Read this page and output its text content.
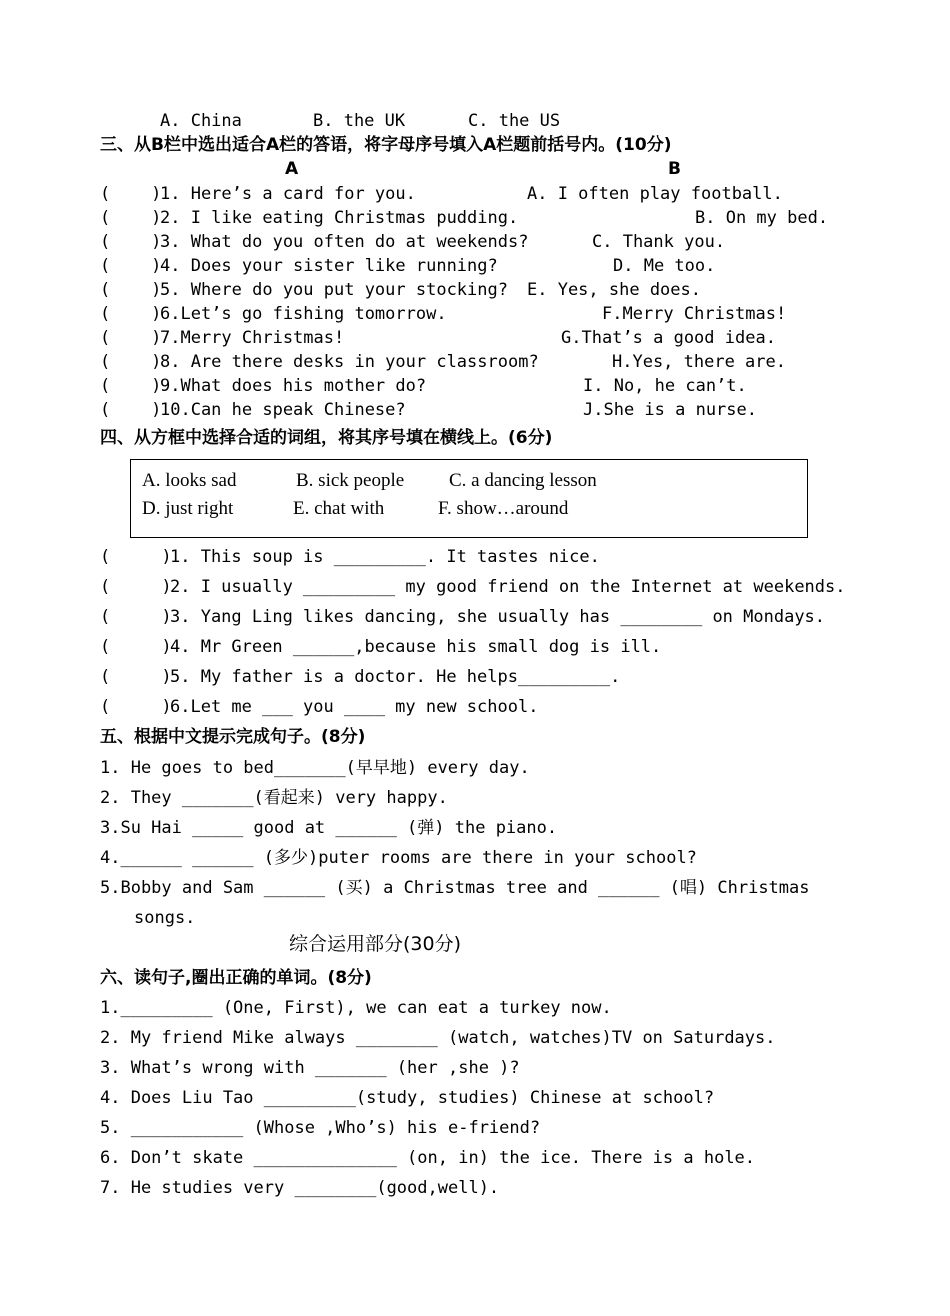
A. China	B. the UK	C. the US
三、从B栏中选出适合A栏的答语，将字母序号填入A栏题前括号内。(10分)
A	B
(    )
1. Here’s a card for you.	A. I often play football.
(    )
2. I like eating Christmas pudding.	B. On my bed.
(    )
3. What do you often do at weekends?	C. Thank you.
(    )
4. Does your sister like running?	D. Me too.
(    )
5. Where do you put your stocking? E. Yes, she does.
(    )
6.Let’s go fishing tomorrow.	F.Merry Christmas!
(    )
7.Merry Christmas!	G.That’s a good idea.
(    )
8. Are there desks in your classroom?	H.Yes, there are.
(    )
9.What does his mother do?	I. No, he can’t.
(    )
10.Can he speak Chinese?	J.She is a nurse.
四、从方框中选择合适的词组，将其序号填在横线上。(6分)
A. looks sad	B. sick people C. a dancing lesson
D. just right	E. chat with	F. show…around
(     )
1. This soup is _________. It tastes nice.
(     )
2. I usually _________ my good friend on the Internet at weekends.
(     )
3. Yang Ling likes dancing, she usually has ________ on Mondays.
(     )
4. Mr Green ______,because his small dog is ill.
(     )
5. My father is a doctor. He helps_________.
(     )
6.Let me ___ you ____ my new school.
五、根据中文提示完成句子。(8分)
1. He goes to bed_______(早早地) every day.
2. They _______(看起来) very happy.
3.Su Hai _____ good at ______ (弹) the piano.
4.______ ______ (多少)puter rooms are there in your school?
5.Bobby and Sam ______ (买) a Christmas tree and ______ (唱) Christmas
songs.
综合运用部分(30分)
六、读句子,圈出正确的单词。(8分)
1._________ (One, First), we can eat a turkey now.
2. My friend Mike always ________ (watch, watches)TV on Saturdays.
3. What’s wrong with _______ (her ,she )?
4. Does Liu Tao _________(study, studies) Chinese at school?
5. ___________ (Whose ,Who’s) his e-friend?
6. Don’t skate ______________ (on, in) the ice. There is a hole.
7. He studies very ________(good,well).
